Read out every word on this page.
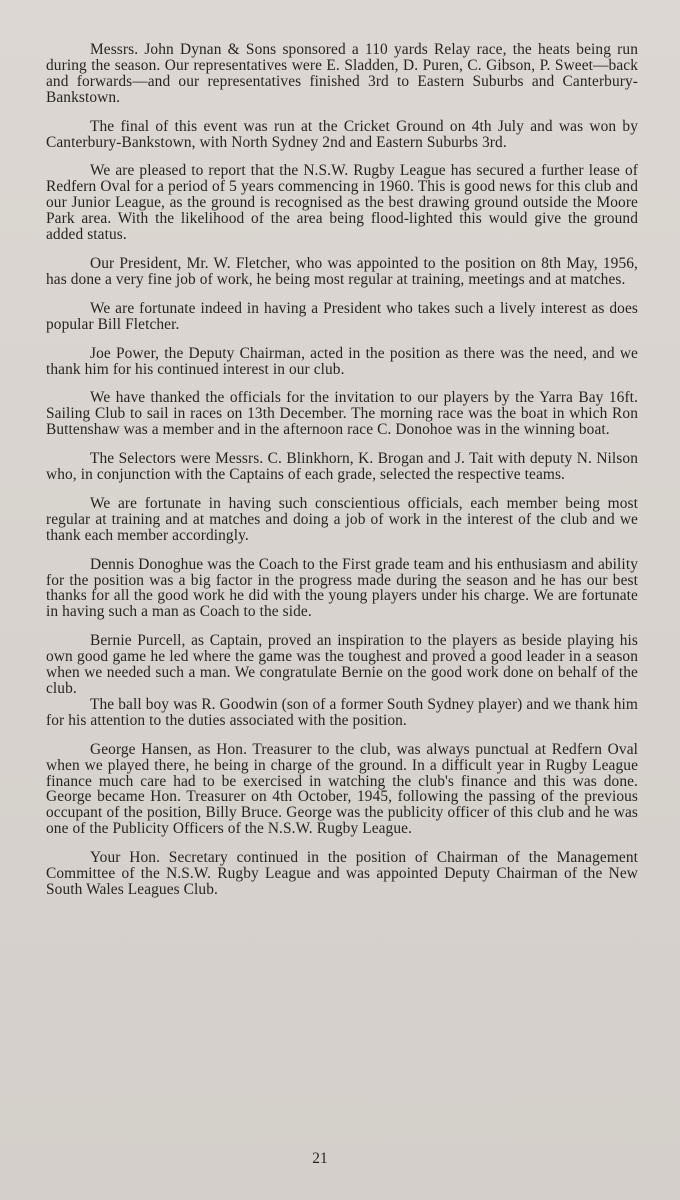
Messrs. John Dynan & Sons sponsored a 110 yards Relay race, the heats being run during the season. Our representatives were E. Sladden, D. Puren, C. Gibson, P. Sweet—back and forwards—and our representatives finished 3rd to Eastern Suburbs and Canterbury-Bankstown.

The final of this event was run at the Cricket Ground on 4th July and was won by Canterbury-Bankstown, with North Sydney 2nd and Eastern Suburbs 3rd.

We are pleased to report that the N.S.W. Rugby League has secured a further lease of Redfern Oval for a period of 5 years commencing in 1960. This is good news for this club and our Junior League, as the ground is recognised as the best drawing ground outside the Moore Park area. With the likelihood of the area being flood-lighted this would give the ground added status.

Our President, Mr. W. Fletcher, who was appointed to the position on 8th May, 1956, has done a very fine job of work, he being most regular at training, meetings and at matches.

We are fortunate indeed in having a President who takes such a lively interest as does popular Bill Fletcher.

Joe Power, the Deputy Chairman, acted in the position as there was the need, and we thank him for his continued interest in our club.

We have thanked the officials for the invitation to our players by the Yarra Bay 16ft. Sailing Club to sail in races on 13th December. The morning race was the boat in which Ron Buttenshaw was a member and in the afternoon race C. Donohoe was in the winning boat.

The Selectors were Messrs. C. Blinkhorn, K. Brogan and J. Tait with deputy N. Nilson who, in conjunction with the Captains of each grade, selected the respective teams.

We are fortunate in having such conscientious officials, each member being most regular at training and at matches and doing a job of work in the interest of the club and we thank each member accordingly.

Dennis Donoghue was the Coach to the First grade team and his enthusiasm and ability for the position was a big factor in the progress made during the season and he has our best thanks for all the good work he did with the young players under his charge. We are fortunate in having such a man as Coach to the side.

Bernie Purcell, as Captain, proved an inspiration to the players as beside playing his own good game he led where the game was the toughest and proved a good leader in a season when we needed such a man. We congratulate Bernie on the good work done on behalf of the club.

The ball boy was R. Goodwin (son of a former South Sydney player) and we thank him for his attention to the duties associated with the position.

George Hansen, as Hon. Treasurer to the club, was always punctual at Redfern Oval when we played there, he being in charge of the ground. In a difficult year in Rugby League finance much care had to be exercised in watching the club's finance and this was done. George became Hon. Treasurer on 4th October, 1945, following the passing of the previous occupant of the position, Billy Bruce. George was the publicity officer of this club and he was one of the Publicity Officers of the N.S.W. Rugby League.

Your Hon. Secretary continued in the position of Chairman of the Management Committee of the N.S.W. Rugby League and was appointed Deputy Chairman of the New South Wales Leagues Club.

21
